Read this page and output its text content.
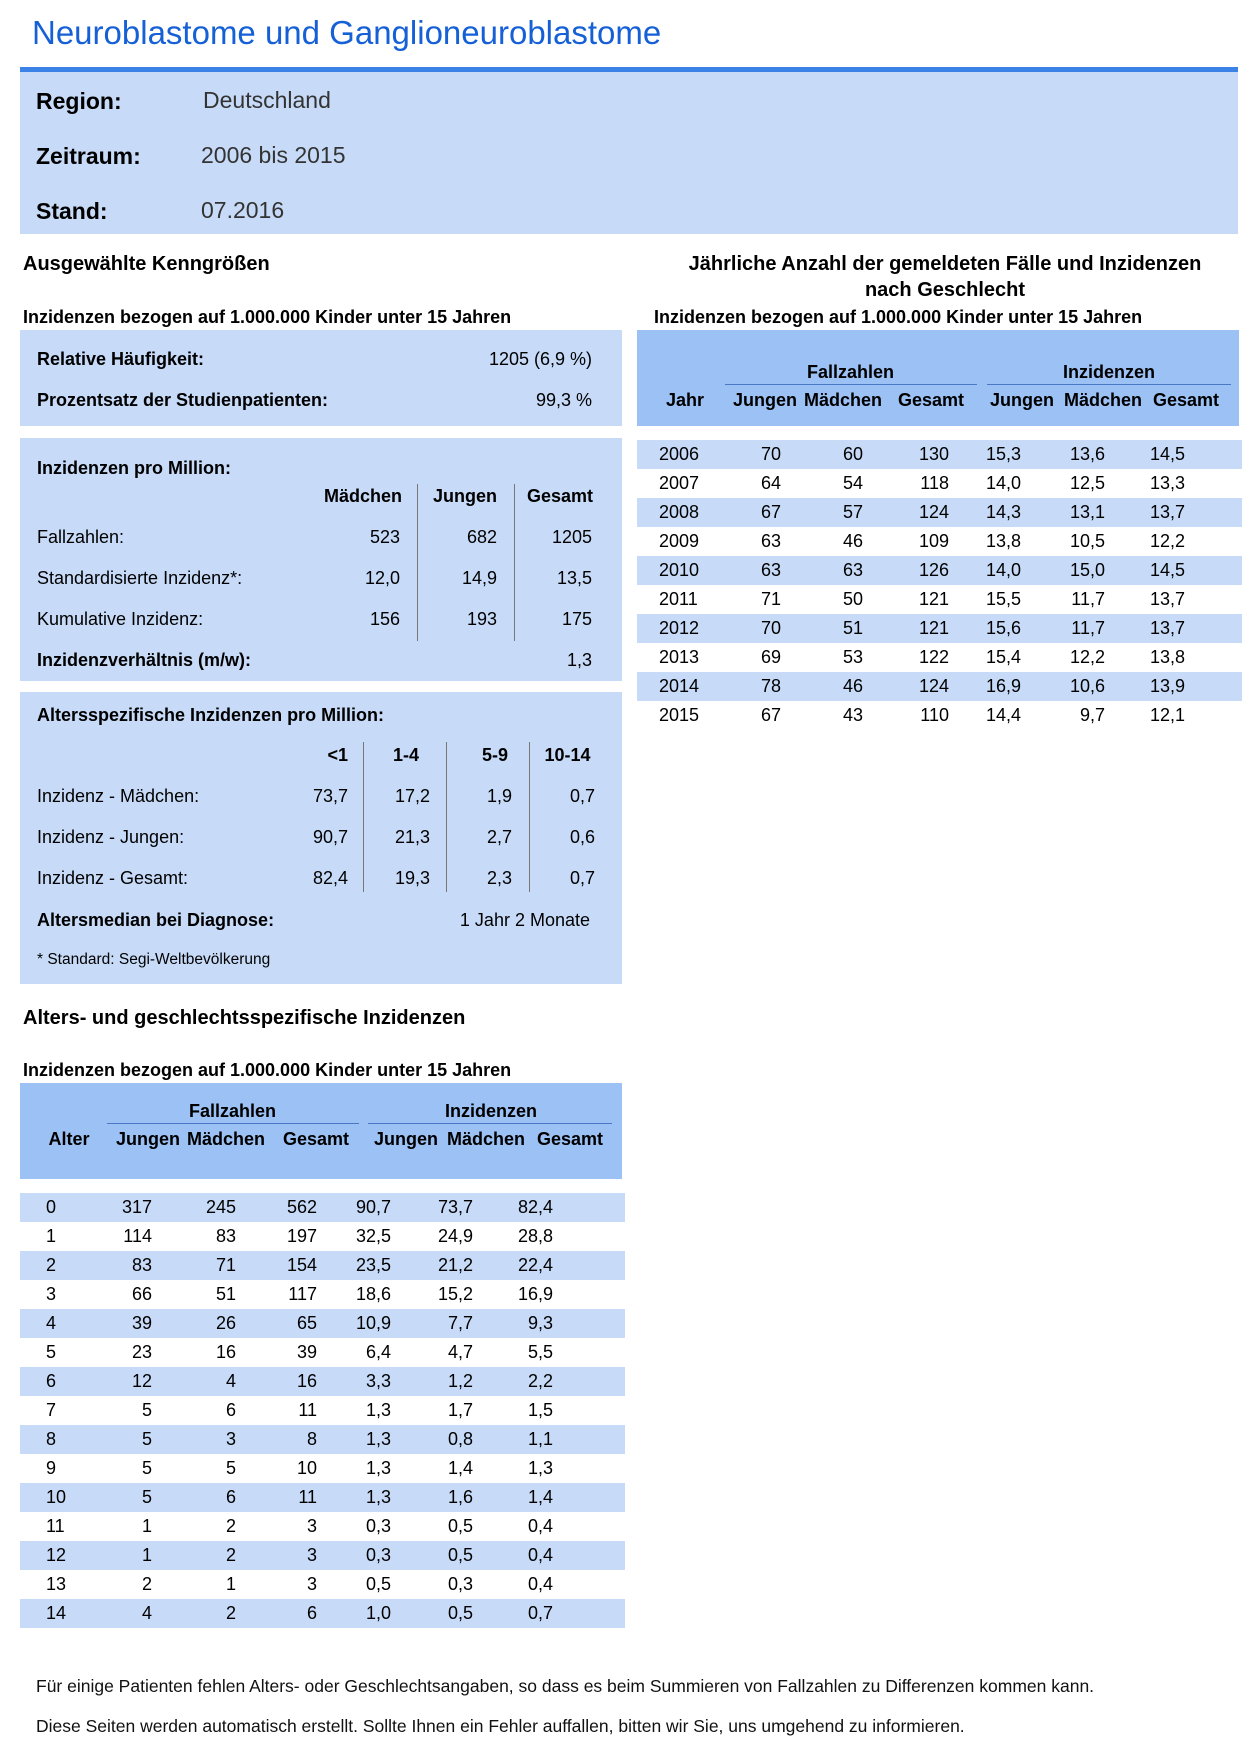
Neuroblastome und Ganglioneuroblastome
Region:	Deutschland
Zeitraum:	2006 bis 2015
Stand:	07.2016
Ausgewählte Kenngrößen
Inzidenzen bezogen auf 1.000.000 Kinder unter 15 Jahren
Relative Häufigkeit:	1205 (6,9 %)
Prozentsatz der Studienpatienten:	99,3 %
Inzidenzen pro Million:
Mädchen	Jungen	Gesamt
Fallzahlen:	523	682	1205
Standardisierte Inzidenz*:	12,0	14,9	13,5
Kumulative Inzidenz:	156	193	175
Inzidenzverhältnis (m/w):	1,3
Altersspezifische Inzidenzen pro Million:
<1	1-4	5-9	10-14
Inzidenz - Mädchen:	73,7	17,2	1,9	0,7
Inzidenz - Jungen:	90,7	21,3	2,7	0,6
Inzidenz - Gesamt:	82,4	19,3	2,3	0,7
Altersmedian bei Diagnose:	1 Jahr 2 Monate
* Standard: Segi-Weltbevölkerung
Jährliche Anzahl der gemeldeten Fälle und Inzidenzen
nach Geschlecht
Inzidenzen bezogen auf 1.000.000 Kinder unter 15 Jahren
Fallzahlen	Inzidenzen
Jahr	Jungen Mädchen Gesamt	Jungen Mädchen Gesamt
2006	70	60	130	15,3	13,6	14,5
2007	64	54	118	14,0	12,5	13,3
2008	67	57	124	14,3	13,1	13,7
2009	63	46	109	13,8	10,5	12,2
2010	63	63	126	14,0	15,0	14,5
2011	71	50	121	15,5	11,7	13,7
2012	70	51	121	15,6	11,7	13,7
2013	69	53	122	15,4	12,2	13,8
2014	78	46	124	16,9	10,6	13,9
2015	67	43	110	14,4	9,7	12,1
Alters- und geschlechtsspezifische Inzidenzen
Inzidenzen bezogen auf 1.000.000 Kinder unter 15 Jahren
Fallzahlen	Inzidenzen
Alter	Jungen Mädchen Gesamt	Jungen Mädchen Gesamt
0	317	245	562	90,7	73,7	82,4
1	114	83	197	32,5	24,9	28,8
2	83	71	154	23,5	21,2	22,4
3	66	51	117	18,6	15,2	16,9
4	39	26	65	10,9	7,7	9,3
5	23	16	39	6,4	4,7	5,5
6	12	4	16	3,3	1,2	2,2
7	5	6	11	1,3	1,7	1,5
8	5	3	8	1,3	0,8	1,1
9	5	5	10	1,3	1,4	1,3
10	5	6	11	1,3	1,6	1,4
11	1	2	3	0,3	0,5	0,4
12	1	2	3	0,3	0,5	0,4
13	2	1	3	0,5	0,3	0,4
14	4	2	6	1,0	0,5	0,7
Für einige Patienten fehlen Alters- oder Geschlechtsangaben, so dass es beim Summieren von Fallzahlen zu Differenzen kommen kann.
Diese Seiten werden automatisch erstellt. Sollte Ihnen ein Fehler auffallen, bitten wir Sie, uns umgehend zu informieren.
